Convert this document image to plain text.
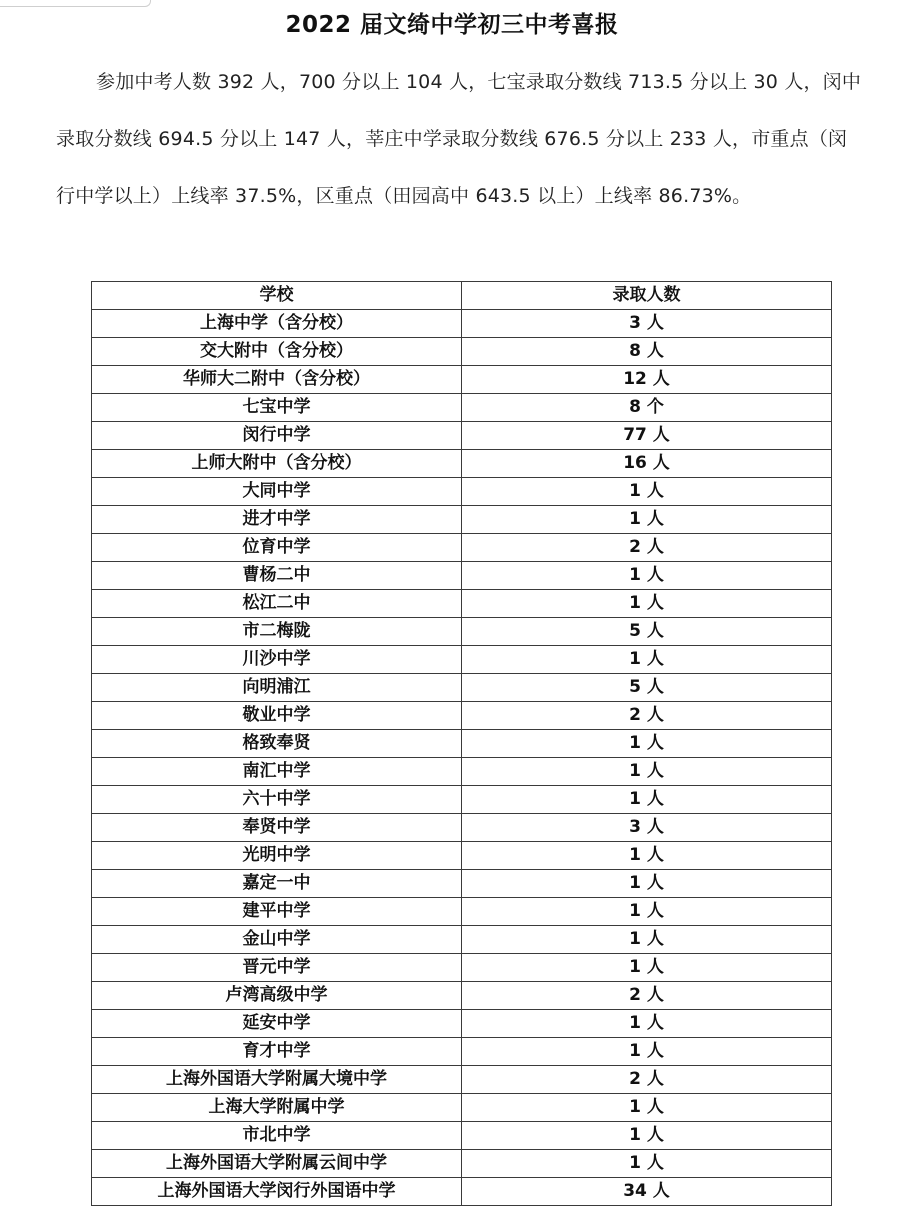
2022 届文绮中学初三中考喜报

参加中考人数 392 人，700 分以上 104 人，七宝录取分数线 713.5 分以上 30 人，闵中录取分数线 694.5 分以上 147 人，莘庄中学录取分数线 676.5 分以上 233 人，市重点（闵行中学以上）上线率 37.5%，区重点（田园高中 643.5 以上）上线率 86.73%。

学校	录取人数
上海中学（含分校）	3 人
交大附中（含分校）	8 人
华师大二附中（含分校）	12 人
七宝中学	8 个
闵行中学	77 人
上师大附中（含分校）	16 人
大同中学	1 人
进才中学	1 人
位育中学	2 人
曹杨二中	1 人
松江二中	1 人
市二梅陇	5 人
川沙中学	1 人
向明浦江	5 人
敬业中学	2 人
格致奉贤	1 人
南汇中学	1 人
六十中学	1 人
奉贤中学	3 人
光明中学	1 人
嘉定一中	1 人
建平中学	1 人
金山中学	1 人
晋元中学	1 人
卢湾高级中学	2 人
延安中学	1 人
育才中学	1 人
上海外国语大学附属大境中学	2 人
上海大学附属中学	1 人
市北中学	1 人
上海外国语大学附属云间中学	1 人
上海外国语大学闵行外国语中学	34 人
